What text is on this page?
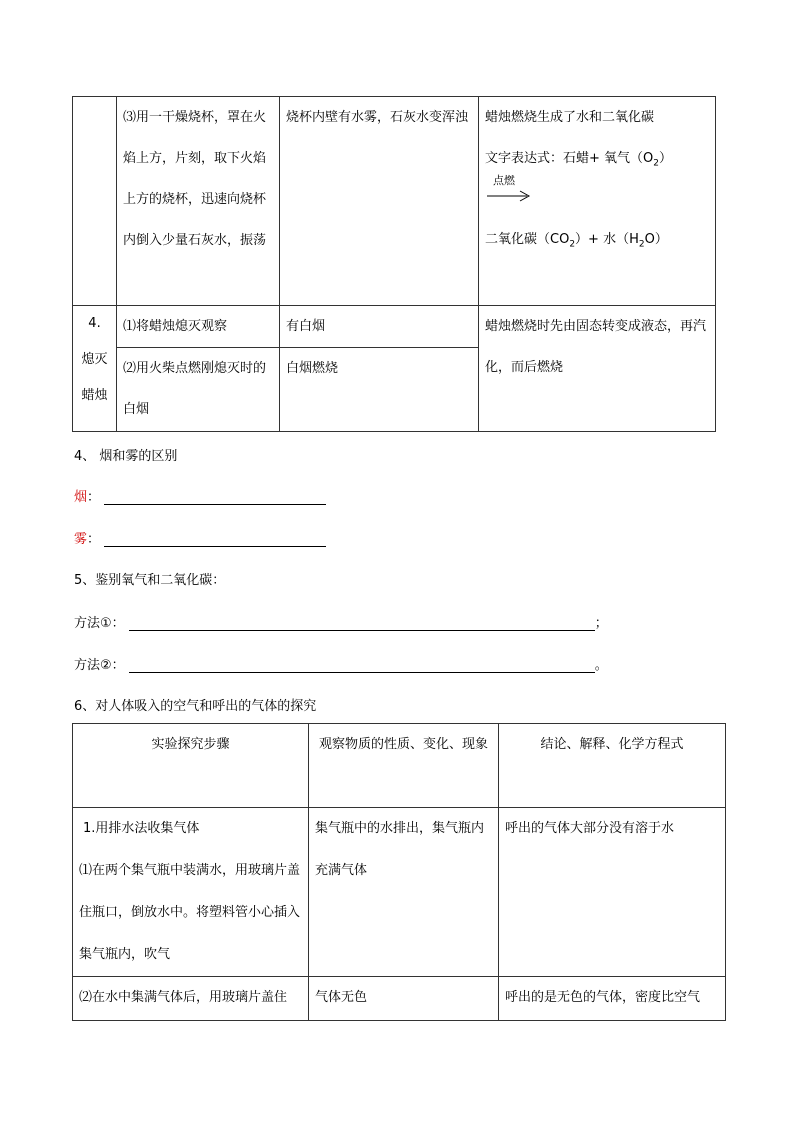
	⑶用一干燥烧杯，罩在火焰上方，片刻，取下火焰上方的烧杯，迅速向烧杯内倒入少量石灰水，振荡	烧杯内壁有水雾，石灰水变浑浊	蜡烛燃烧生成了水和二氧化碳
文字表达式：石蜡+ 氧气$(O_2)$
点燃
二氧化碳$(CO_2)+$ 水$(H_2O)$

4.
熄灭
蜡烛	⑴将蜡烛熄灭观察	有白烟	蜡烛燃烧时先由固态转变成液态，再汽化，而后燃烧
	⑵用火柴点燃刚熄灭时的白烟	白烟燃烧	
4、 烟和雾的区别
烟：
雾：
5、鉴别氧气和二氧化碳：
方法①：	；
方法②：	。
6、对人体吸入的空气和呼出的气体的探究
实验探究步骤	观察物质的性质、变化、现象	结论、解释、化学方程式

1.用排水法收集气体
⑴在两个集气瓶中装满水，用玻璃片盖住瓶口，倒放水中。将塑料管小心插入集气瓶内，吹气	集气瓶中的水排出，集气瓶内充满气体	呼出的气体大部分没有溶于水
⑵在水中集满气体后，用玻璃片盖住	气体无色	呼出的是无色的气体，密度比空气
